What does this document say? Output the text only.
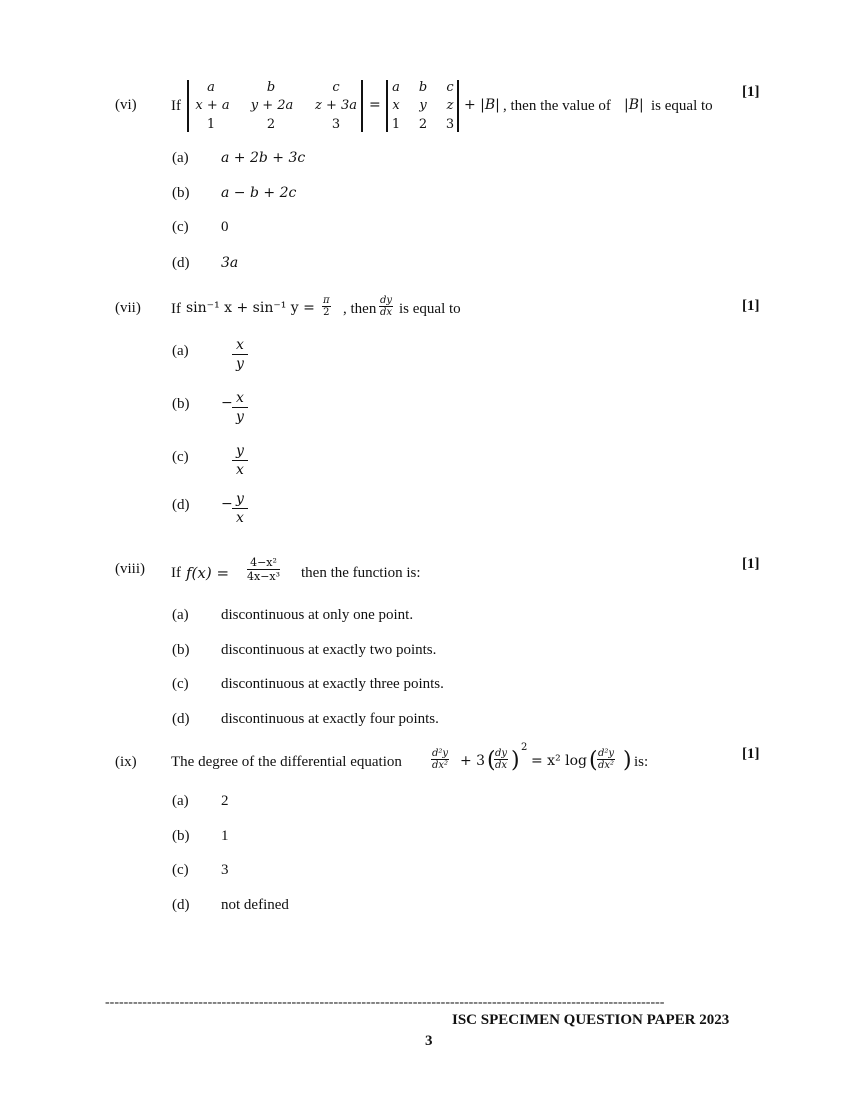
(vi) If
a	b	c
x + a	y + 2a	z + 3a
1	2	3
=
a b c
x y z
1 2 3
+ |B| , then the value of |B| is equal to
[1]
(a) a + 2b + 3c
(b) a − b + 2c
(c) 0
(d) 3a
(vii) If sin⁻¹ x + sin⁻¹ $y = \frac{\pi}{2}$ , then $\frac{dy}{dx}$ is equal to	[1]
(a)	$\frac{x}{y}$
$(b) - \frac{x}{y}$
(c)	$\frac{y}{x}$
$(d) - \frac{y}{x}$
(viii) If $f(x) = \frac{\text{4−x²}}{\text{4x−x³}}$ then the function is:
[1]
(a) discontinuous at only one point.
(b) discontinuous at exactly two points.
(c) discontinuous at exactly three points.
(d) discontinuous at exactly four points.
(ix) The degree of the differential equation	$\frac{\text{d²y}}{\text{dx²}} + 3$ (
$\frac{dy}{dx}$ )
2
= x² log ( $\frac{\text{d²y}}{\text{dx²}}$ ) is:	[1]
(a) 2
(b) 1
(c) 3
(d) not defined
------------------------------------------------------------------------------------------------------------------------
ISC SPECIMEN QUESTION PAPER 2023
3
